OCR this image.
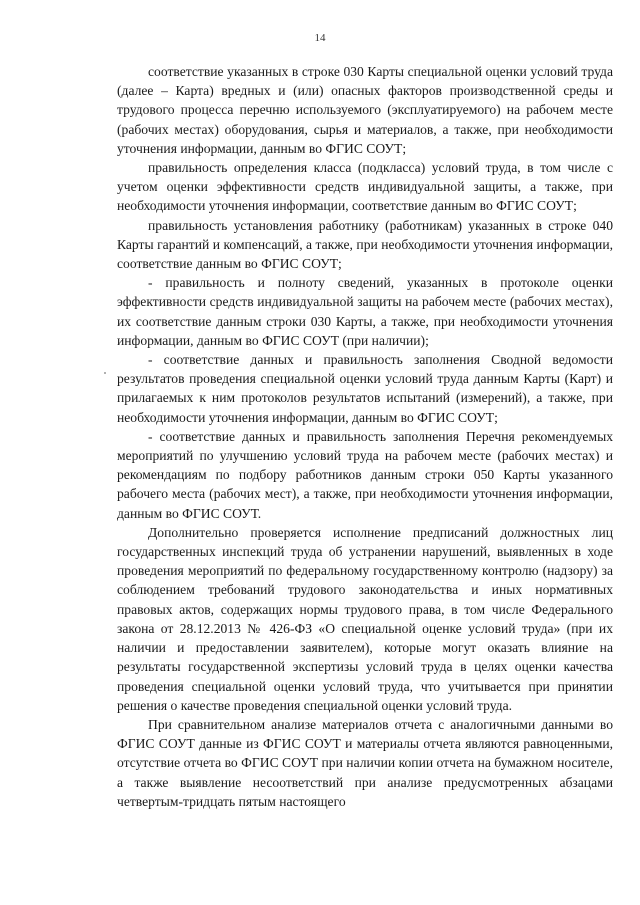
14

соответствие указанных в строке 030 Карты специальной оценки условий труда (далее – Карта) вредных и (или) опасных факторов производственной среды и трудового процесса перечню используемого (эксплуатируемого) на рабочем месте (рабочих местах) оборудования, сырья и материалов, а также, при необходимости уточнения информации, данным во ФГИС СОУТ;

правильность определения класса (подкласса) условий труда, в том числе с учетом оценки эффективности средств индивидуальной защиты, а также, при необходимости уточнения информации, соответствие данным во ФГИС СОУТ;

правильность установления работнику (работникам) указанных в строке 040 Карты гарантий и компенсаций, а также, при необходимости уточнения информации, соответствие данным во ФГИС СОУТ;

- правильность и полноту сведений, указанных в протоколе оценки эффективности средств индивидуальной защиты на рабочем месте (рабочих местах), их соответствие данным строки 030 Карты, а также, при необходимости уточнения информации, данным во ФГИС СОУТ (при наличии);

- соответствие данных и правильность заполнения Сводной ведомости результатов проведения специальной оценки условий труда данным Карты (Карт) и прилагаемых к ним протоколов результатов испытаний (измерений), а также, при необходимости уточнения информации, данным во ФГИС СОУТ;

- соответствие данных и правильность заполнения Перечня рекомендуемых мероприятий по улучшению условий труда на рабочем месте (рабочих местах) и рекомендациям по подбору работников данным строки 050 Карты указанного рабочего места (рабочих мест), а также, при необходимости уточнения информации, данным во ФГИС СОУТ.

Дополнительно проверяется исполнение предписаний должностных лиц государственных инспекций труда об устранении нарушений, выявленных в ходе проведения мероприятий по федеральному государственному контролю (надзору) за соблюдением требований трудового законодательства и иных нормативных правовых актов, содержащих нормы трудового права, в том числе Федерального закона от 28.12.2013 № 426-ФЗ «О специальной оценке условий труда» (при их наличии и предоставлении заявителем), которые могут оказать влияние на результаты государственной экспертизы условий труда в целях оценки качества проведения специальной оценки условий труда, что учитывается при принятии решения о качестве проведения специальной оценки условий труда.

При сравнительном анализе материалов отчета с аналогичными данными во ФГИС СОУТ данные из ФГИС СОУТ и материалы отчета являются равноценными, отсутствие отчета во ФГИС СОУТ при наличии копии отчета на бумажном носителе, а также выявление несоответствий при анализе предусмотренных абзацами четвертым-тридцать пятым настоящего
